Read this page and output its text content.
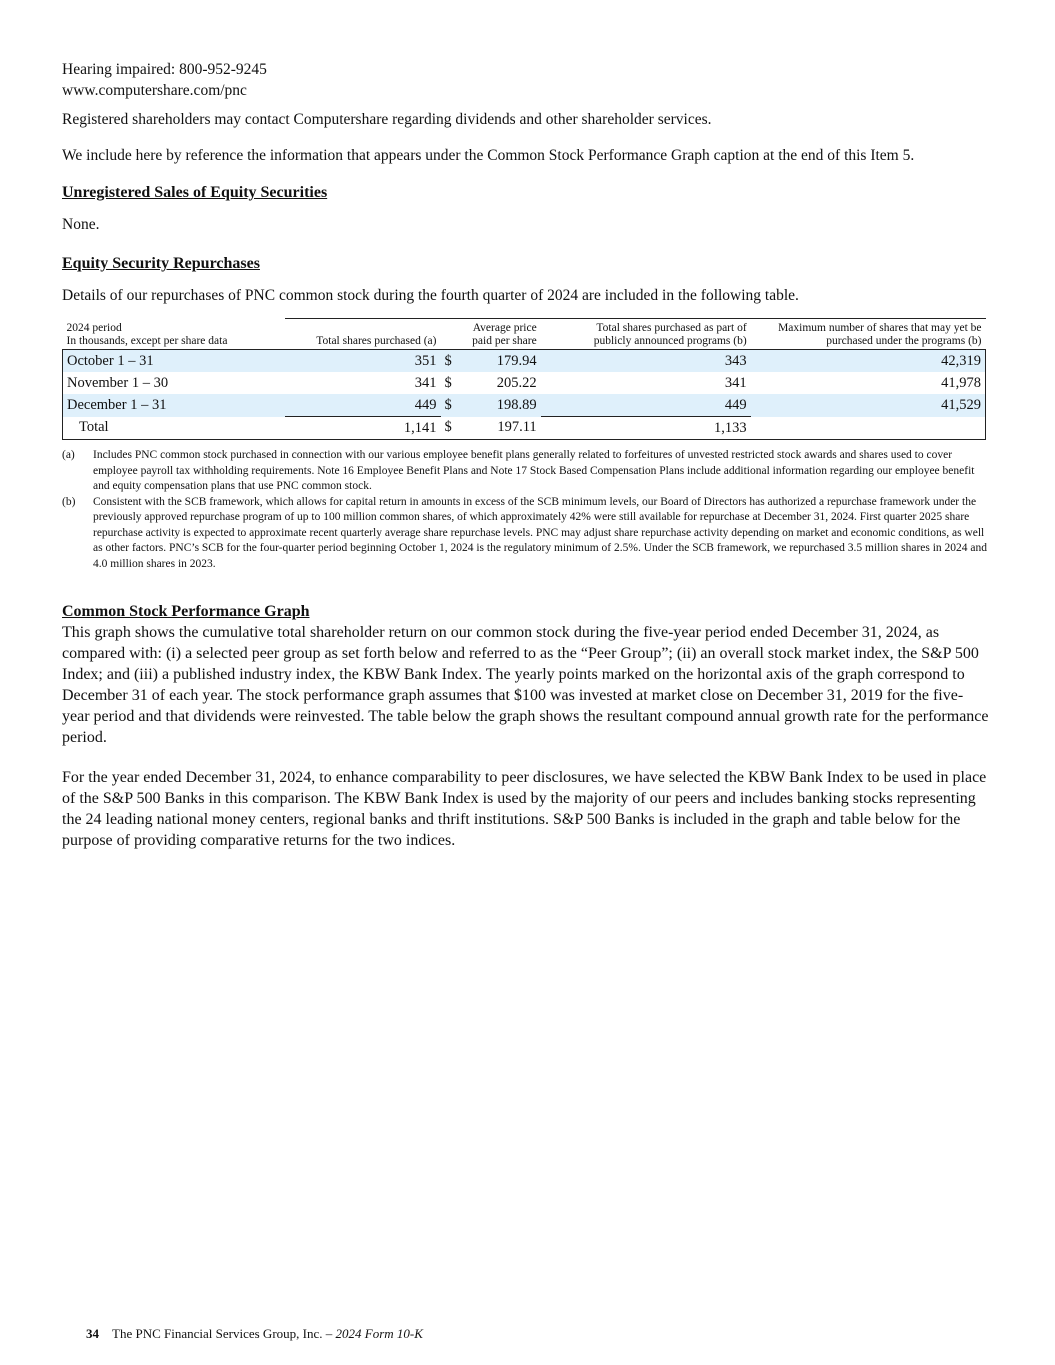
Hearing impaired: 800-952-9245

www.computershare.com/pnc

Registered shareholders may contact Computershare regarding dividends and other shareholder services.

We include here by reference the information that appears under the Common Stock Performance Graph caption at the end of this Item 5.

Unregistered Sales of Equity Securities

None.

Equity Security Repurchases

Details of our repurchases of PNC common stock during the fourth quarter of 2024 are included in the following table.

2024 period
In thousands, except per share data	Total shares purchased (a)	Average price
paid per share		Total shares purchased as part of
publicly announced programs (b)	Maximum number of shares that may yet be
purchased under the programs (b)
October 1 – 31	351	$	179.94	343	42,319
November 1 – 30	341	$	205.22	341	41,978
December 1 – 31	449	$	198.89	449	41,529
Total	1,141	$	197.11	1,133	
(a)	Includes PNC common stock purchased in connection with our various employee benefit plans generally related to forfeitures of unvested restricted stock awards and shares used to cover employee payroll tax withholding requirements. Note 16 Employee Benefit Plans and Note 17 Stock Based Compensation Plans include additional information regarding our employee benefit and equity compensation plans that use PNC common stock.
(b)	Consistent with the SCB framework, which allows for capital return in amounts in excess of the SCB minimum levels, our Board of Directors has authorized a repurchase framework under the previously approved repurchase program of up to 100 million common shares, of which approximately 42% were still available for repurchase at December 31, 2024. First quarter 2025 share repurchase activity is expected to approximate recent quarterly average share repurchase levels. PNC may adjust share repurchase activity depending on market and economic conditions, as well as other factors. PNC’s SCB for the four-quarter period beginning October 1, 2024 is the regulatory minimum of 2.5%. Under the SCB framework, we repurchased 3.5 million shares in 2024 and 4.0 million shares in 2023.

Common Stock Performance Graph

This graph shows the cumulative total shareholder return on our common stock during the five-year period ended December 31, 2024, as compared with: (i) a selected peer group as set forth below and referred to as the “Peer Group”; (ii) an overall stock market index, the S&P 500 Index; and (iii) a published industry index, the KBW Bank Index. The yearly points marked on the horizontal axis of the graph correspond to December 31 of each year. The stock performance graph assumes that $100 was invested at market close on December 31, 2019 for the five-year period and that dividends were reinvested. The table below the graph shows the resultant compound annual growth rate for the performance period.

For the year ended December 31, 2024, to enhance comparability to peer disclosures, we have selected the KBW Bank Index to be used in place of the S&P 500 Banks in this comparison. The KBW Bank Index is used by the majority of our peers and includes banking stocks representing the 24 leading national money centers, regional banks and thrift institutions. S&P 500 Banks is included in the graph and table below for the purpose of providing comparative returns for the two indices.

34 The PNC Financial Services Group, Inc. – 2024 Form 10-K
